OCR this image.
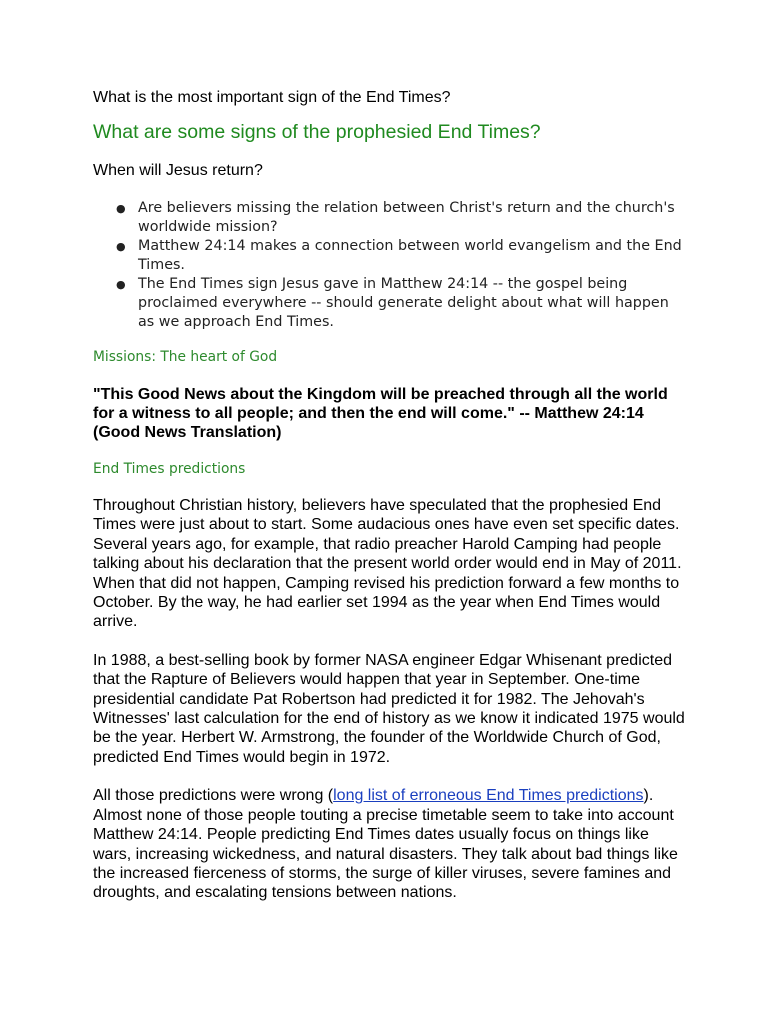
What is the most important sign of the End Times?
What are some signs of the prophesied End Times?
When will Jesus return?
● Are believers missing the relation between Christ's return and the church's worldwide mission?
● Matthew 24:14 makes a connection between world evangelism and the End Times.
● The End Times sign Jesus gave in Matthew 24:14 -- the gospel being proclaimed everywhere -- should generate delight about what will happen as we approach End Times.
Missions: The heart of God
"This Good News about the Kingdom will be preached through all the world for a witness to all people; and then the end will come." -- Matthew 24:14 (Good News Translation)
End Times predictions

Throughout Christian history, believers have speculated that the prophesied End Times were just about to start. Some audacious ones have even set specific dates. Several years ago, for example, that radio preacher Harold Camping had people talking about his declaration that the present world order would end in May of 2011. When that did not happen, Camping revised his prediction forward a few months to October. By the way, he had earlier set 1994 as the year when End Times would arrive.

In 1988, a best-selling book by former NASA engineer Edgar Whisenant predicted that the Rapture of Believers would happen that year in September. One-time presidential candidate Pat Robertson had predicted it for 1982. The Jehovah's Witnesses' last calculation for the end of history as we know it indicated 1975 would be the year. Herbert W. Armstrong, the founder of the Worldwide Church of God, predicted End Times would begin in 1972.

All those predictions were wrong (long list of erroneous End Times predictions). Almost none of those people touting a precise timetable seem to take into account Matthew 24:14. People predicting End Times dates usually focus on things like wars, increasing wickedness, and natural disasters. They talk about bad things like the increased fierceness of storms, the surge of killer viruses, severe famines and droughts, and escalating tensions between nations.
